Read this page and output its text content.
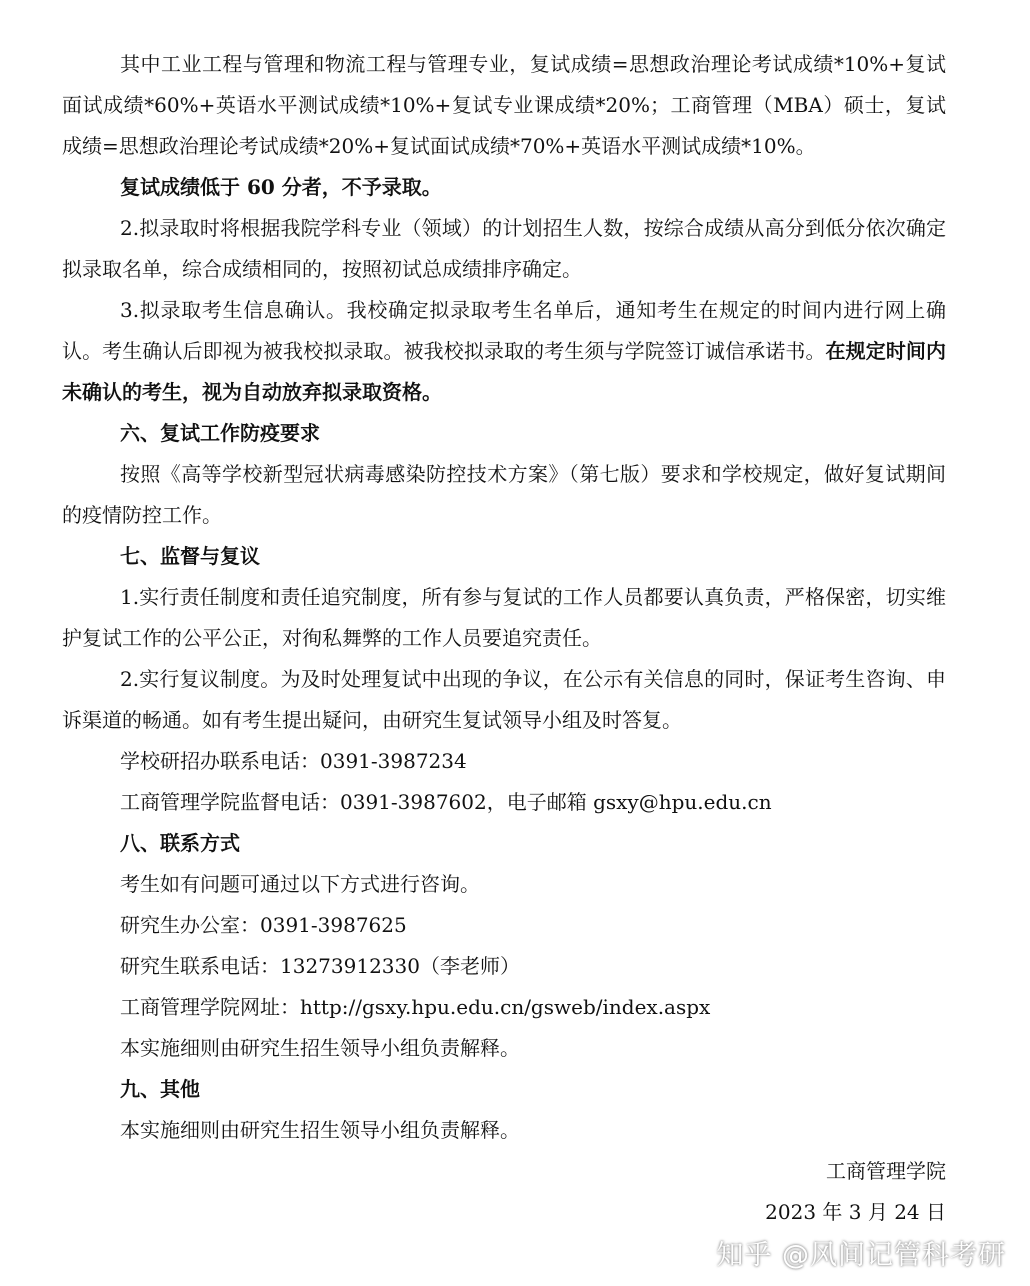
其中工业工程与管理和物流工程与管理专业，复试成绩=思想政治理论考试成绩*10%+复试面试成绩*60%+英语水平测试成绩*10%+复试专业课成绩*20%；工商管理（MBA）硕士，复试成绩=思想政治理论考试成绩*20%+复试面试成绩*70%+英语水平测试成绩*10%。

复试成绩低于 60 分者，不予录取。

2.拟录取时将根据我院学科专业（领域）的计划招生人数，按综合成绩从高分到低分依次确定拟录取名单，综合成绩相同的，按照初试总成绩排序确定。

3.拟录取考生信息确认。我校确定拟录取考生名单后，通知考生在规定的时间内进行网上确认。考生确认后即视为被我校拟录取。被我校拟录取的考生须与学院签订诚信承诺书。在规定时间内未确认的考生，视为自动放弃拟录取资格。

六、复试工作防疫要求

按照《高等学校新型冠状病毒感染防控技术方案》（第七版）要求和学校规定，做好复试期间的疫情防控工作。

七、监督与复议

1.实行责任制度和责任追究制度，所有参与复试的工作人员都要认真负责，严格保密，切实维护复试工作的公平公正，对徇私舞弊的工作人员要追究责任。

2.实行复议制度。为及时处理复试中出现的争议，在公示有关信息的同时，保证考生咨询、申诉渠道的畅通。如有考生提出疑问，由研究生复试领导小组及时答复。

学校研招办联系电话：0391-3987234

工商管理学院监督电话：0391-3987602，电子邮箱 gsxy@hpu.edu.cn

八、联系方式

考生如有问题可通过以下方式进行咨询。

研究生办公室：0391-3987625

研究生联系电话：13273912330（李老师）

工商管理学院网址：http://gsxy.hpu.edu.cn/gsweb/index.aspx

本实施细则由研究生招生领导小组负责解释。

九、其他

本实施细则由研究生招生领导小组负责解释。

工商管理学院

2023 年 3 月 24 日

知乎 @风间记管科考研
